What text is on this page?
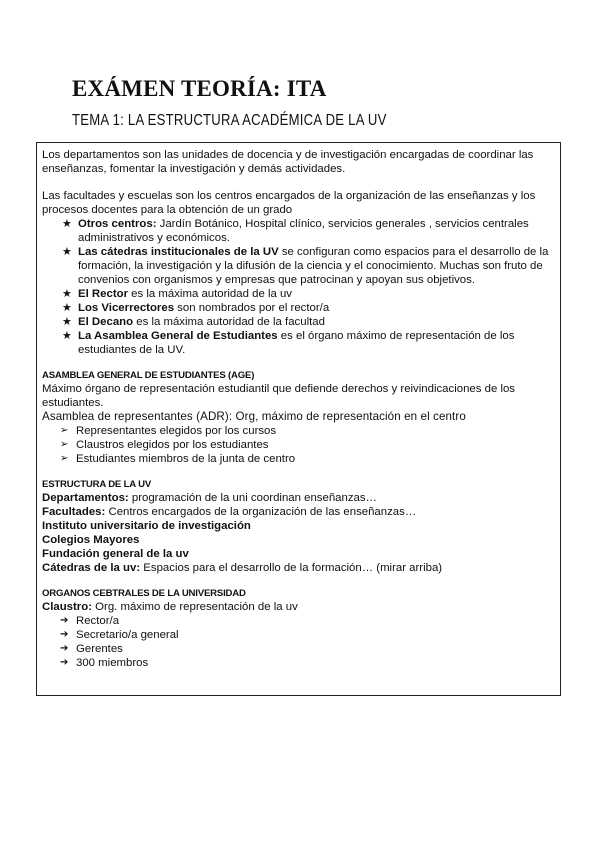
EXÁMEN TEORÍA: ITA
TEMA 1: LA ESTRUCTURA ACADÉMICA DE LA UV

Los departamentos son las unidades de docencia y de investigación encargadas de coordinar las enseñanzas, fomentar la investigación y demás actividades.

Las facultades y escuelas son los centros encargados de la organización de las enseñanzas y los procesos docentes para la obtención de un grado

★ Otros centros: Jardín Botánico, Hospital clínico, servicios generales , servicios centrales administrativos y económicos.
★ Las cátedras institucionales de la UV se configuran como espacios para el desarrollo de la formación, la investigación y la difusión de la ciencia y el conocimiento. Muchas son fruto de convenios con organismos y empresas que patrocinan y apoyan sus objetivos.
★ El Rector es la máxima autoridad de la uv
★ Los Vicerrectores son nombrados por el rector/a
★ El Decano es la máxima autoridad de la facultad
★ La Asamblea General de Estudiantes es el órgano máximo de representación de los estudiantes de la UV.
ASAMBLEA GENERAL DE ESTUDIANTES (AGE)

Máximo órgano de representación estudiantil que defiende derechos y reivindicaciones de los estudiantes.

Asamblea de representantes (ADR): Org, máximo de representación en el centro

➢ Representantes elegidos por los cursos
➢ Claustros elegidos por los estudiantes
➢ Estudiantes miembros de la junta de centro
ESTRUCTURA DE LA UV

Departamentos: programación de la uni coordinan enseñanzas…

Facultades: Centros encargados de la organización de las enseñanzas…

Instituto universitario de investigación

Colegios Mayores

Fundación general de la uv

Cátedras de la uv: Espacios para el desarrollo de la formación… (mirar arriba)

ORGANOS CEBTRALES DE LA UNIVERSIDAD

Claustro: Org. máximo de representación de la uv

➔ Rector/a
➔ Secretario/a general
➔ Gerentes
➔ 300 miembros
